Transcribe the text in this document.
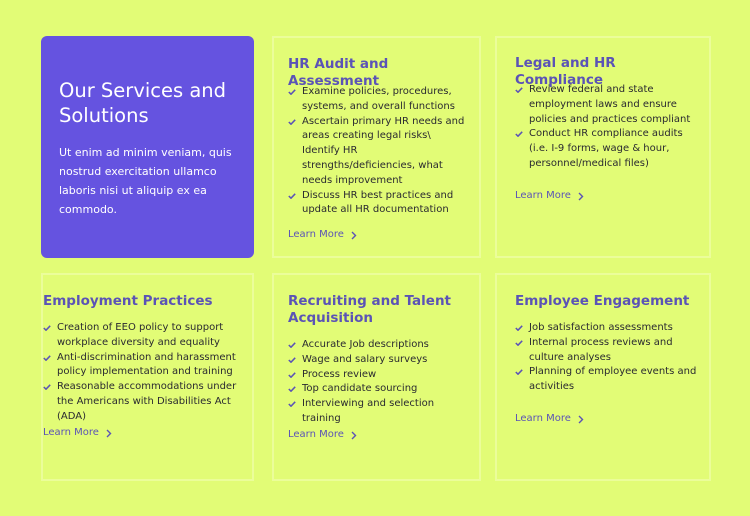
Our Services and Solutions

Ut enim ad minim veniam, quis nostrud exercitation ullamco laboris nisi ut aliquip ex ea commodo.

HR Audit and Assessment
Examine policies, procedures, systems, and overall functions
Ascertain primary HR needs and areas creating legal risks\ Identify HR strengths/deficiencies, what needs improvement
Discuss HR best practices and update all HR documentation
Learn More
Legal and HR Compliance
Review federal and state employment laws and ensure policies and practices compliant
Conduct HR compliance audits (i.e. I-9 forms, wage & hour, personnel/medical files)
Learn More
Employment Practices
Creation of EEO policy to support workplace diversity and equality
Anti-discrimination and harassment policy implementation and training
Reasonable accommodations under the Americans with Disabilities Act (ADA)
Learn More
Recruiting and Talent Acquisition
Accurate Job descriptions
Wage and salary surveys
Process review
Top candidate sourcing
Interviewing and selection training
Learn More
Employee Engagement
Job satisfaction assessments
Internal process reviews and culture analyses
Planning of employee events and activities
Learn More
